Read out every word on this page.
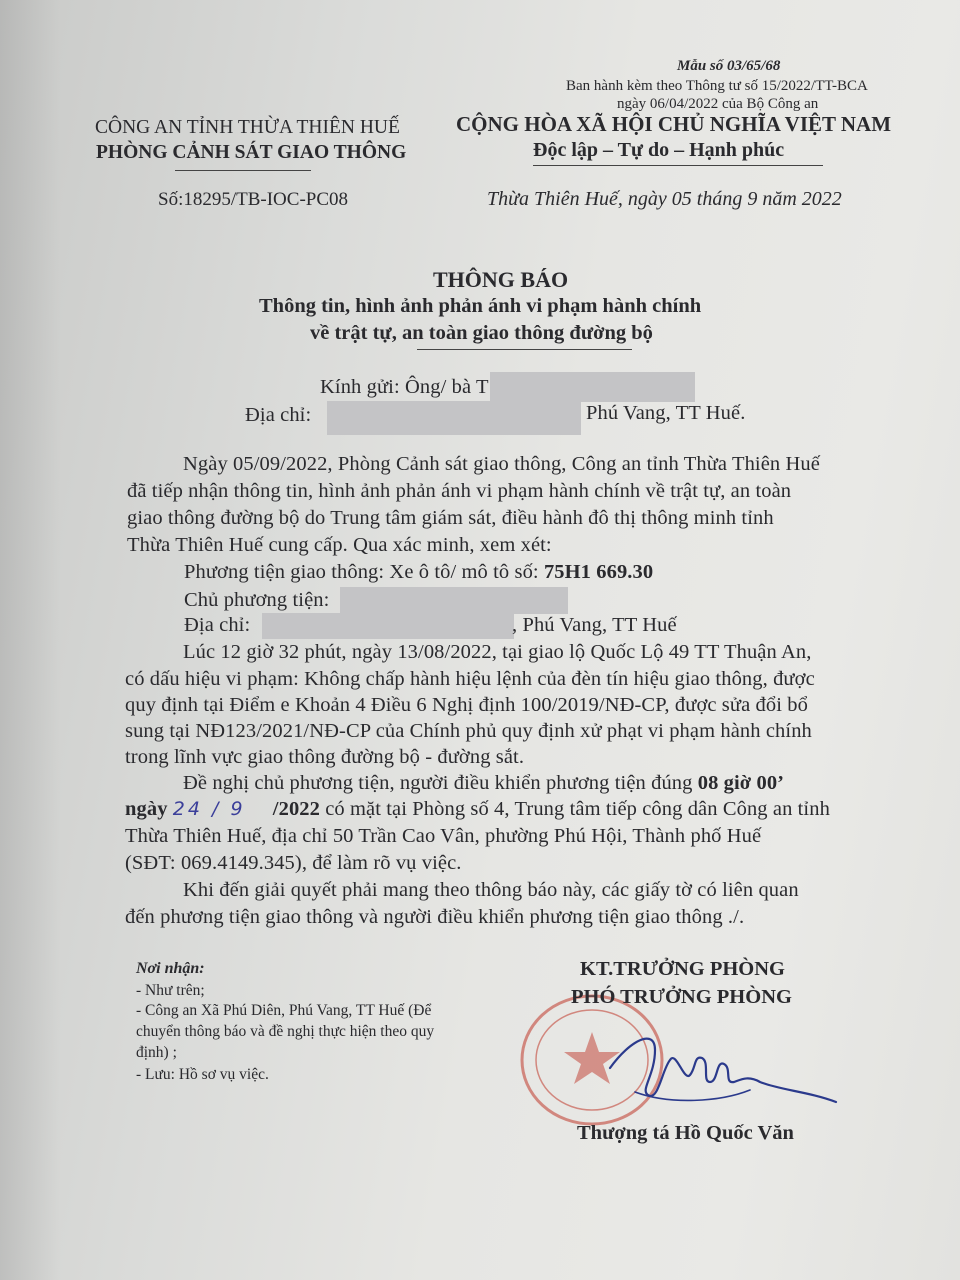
Mẫu số 03/65/68
Ban hành kèm theo Thông tư số 15/2022/TT-BCA
ngày 06/04/2022 của Bộ Công an
CÔNG AN TỈNH THỪA THIÊN HUẾ
PHÒNG CẢNH SÁT GIAO THÔNG
Số:18295/TB-IOC-PC08
CỘNG HÒA XÃ HỘI CHỦ NGHĨA VIỆT NAM
Độc lập – Tự do – Hạnh phúc
Thừa Thiên Huế, ngày 05 tháng 9 năm 2022
THÔNG BÁO
Thông tin, hình ảnh phản ánh vi phạm hành chính
về trật tự, an toàn giao thông đường bộ
Kính gửi: Ông/ bà T
Địa chỉ:	Phú Vang, TT Huế.
Ngày 05/09/2022, Phòng Cảnh sát giao thông, Công an tỉnh Thừa Thiên Huế
đã tiếp nhận thông tin, hình ảnh phản ánh vi phạm hành chính về trật tự, an toàn
giao thông đường bộ do Trung tâm giám sát, điều hành đô thị thông minh tỉnh
Thừa Thiên Huế cung cấp. Qua xác minh, xem xét:
Phương tiện giao thông: Xe ô tô/ mô tô số: 75H1 669.30
Chủ phương tiện:
Địa chỉ:	, Phú Vang, TT Huế
Lúc 12 giờ 32 phút, ngày 13/08/2022, tại giao lộ Quốc Lộ 49 TT Thuận An,
có dấu hiệu vi phạm: Không chấp hành hiệu lệnh của đèn tín hiệu giao thông, được
quy định tại Điểm e Khoản 4 Điều 6 Nghị định 100/2019/NĐ-CP, được sửa đổi bổ
sung tại NĐ123/2021/NĐ-CP của Chính phủ quy định xử phạt vi phạm hành chính
trong lĩnh vực giao thông đường bộ - đường sắt.
Đề nghị chủ phương tiện, người điều khiển phương tiện đúng 08 giờ 00’
ngày 24 / 9 /2022 có mặt tại Phòng số 4, Trung tâm tiếp công dân Công an tỉnh
Thừa Thiên Huế, địa chỉ 50 Trần Cao Vân, phường Phú Hội, Thành phố Huế
(SĐT: 069.4149.345), để làm rõ vụ việc.
Khi đến giải quyết phải mang theo thông báo này, các giấy tờ có liên quan
đến phương tiện giao thông và người điều khiển phương tiện giao thông ./.
Nơi nhận:
- Như trên;
- Công an Xã Phú Diên, Phú Vang, TT Huế (Để
chuyển thông báo và đề nghị thực hiện theo quy
định) ;
- Lưu: Hồ sơ vụ việc.
KT.TRƯỞNG PHÒNG
PHÓ TRƯỞNG PHÒNG
Thượng tá Hồ Quốc Văn
